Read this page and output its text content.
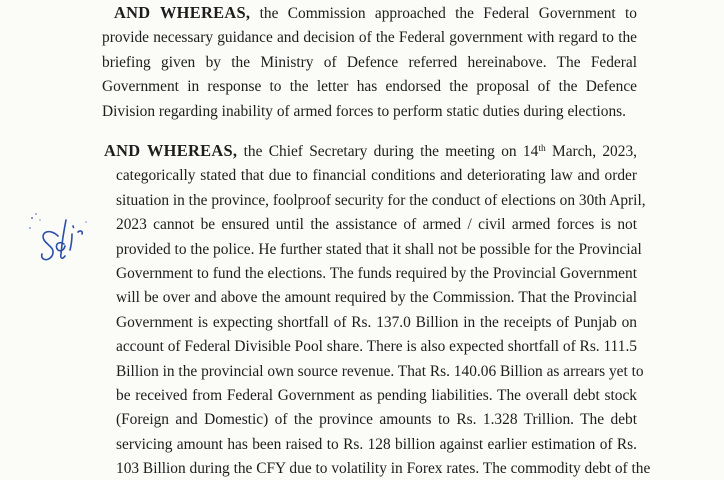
AND WHEREAS, the Commission approached the Federal Government to
provide necessary guidance and decision of the Federal government with regard to the
briefing given by the Ministry of Defence referred hereinabove. The Federal
Government in response to the letter has endorsed the proposal of the Defence
Division regarding inability of armed forces to perform static duties during elections.
AND WHEREAS, the Chief Secretary during the meeting on 14th March, 2023,
categorically stated that due to financial conditions and deteriorating law and order
situation in the province, foolproof security for the conduct of elections on 30th April,
2023 cannot be ensured until the assistance of armed / civil armed forces is not
provided to the police. He further stated that it shall not be possible for the Provincial
Government to fund the elections. The funds required by the Provincial Government
will be over and above the amount required by the Commission. That the Provincial
Government is expecting shortfall of Rs. 137.0 Billion in the receipts of Punjab on
account of Federal Divisible Pool share. There is also expected shortfall of Rs. 111.5
Billion in the provincial own source revenue. That Rs. 140.06 Billion as arrears yet to
be received from Federal Government as pending liabilities. The overall debt stock
(Foreign and Domestic) of the province amounts to Rs. 1.328 Trillion. The debt
servicing amount has been raised to Rs. 128 billion against earlier estimation of Rs.
103 Billion during the CFY due to volatility in Forex rates. The commodity debt of the
